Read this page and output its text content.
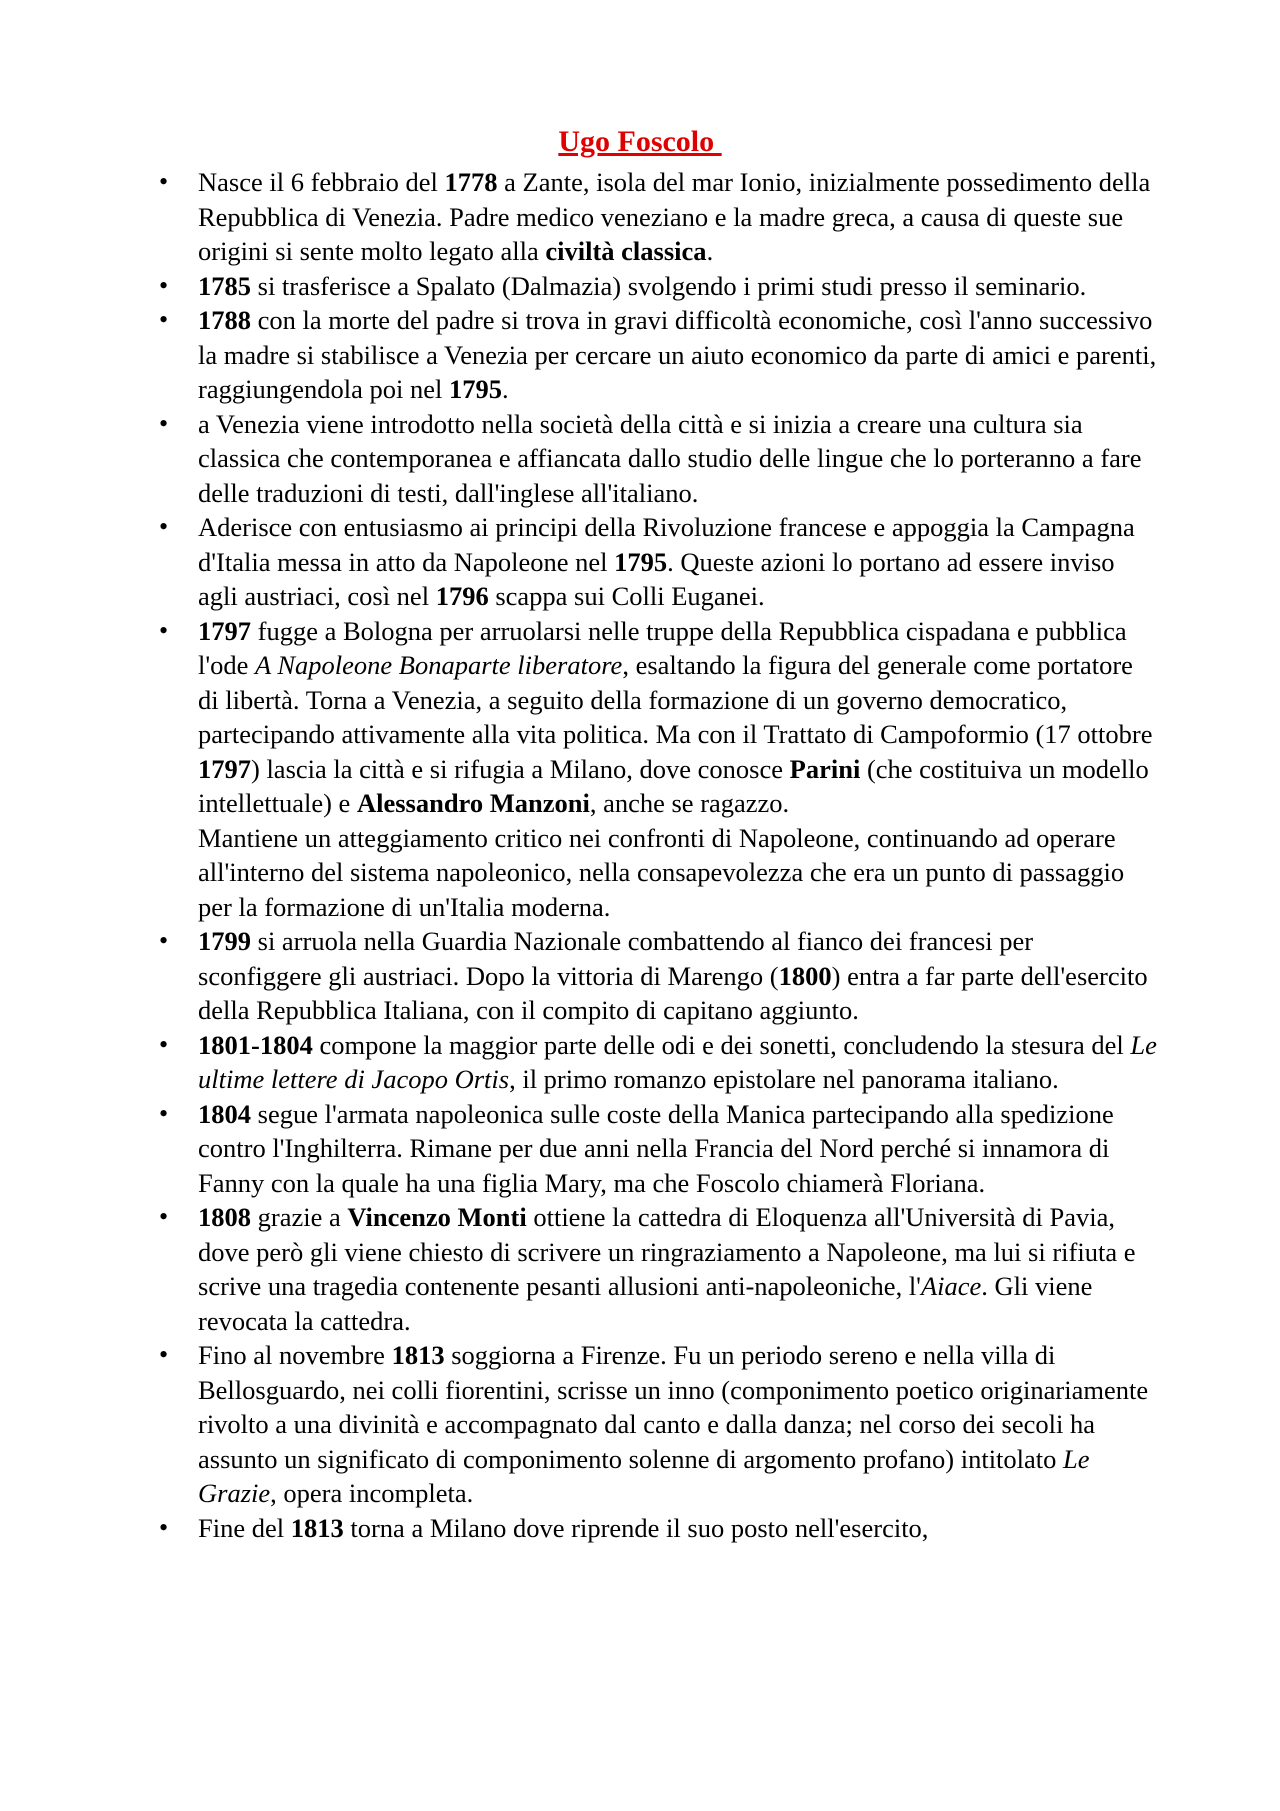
Ugo Foscolo
• Nasce il 6 febbraio del 1778 a Zante, isola del mar Ionio, inizialmente possedimento della Repubblica di Venezia. Padre medico veneziano e la madre greca, a causa di queste sue origini si sente molto legato alla civiltà classica.
• 1785 si trasferisce a Spalato (Dalmazia) svolgendo i primi studi presso il seminario.
• 1788 con la morte del padre si trova in gravi difficoltà economiche, così l'anno successivo la madre si stabilisce a Venezia per cercare un aiuto economico da parte di amici e parenti, raggiungendola poi nel 1795.
• a Venezia viene introdotto nella società della città e si inizia a creare una cultura sia classica che contemporanea e affiancata dallo studio delle lingue che lo porteranno a fare delle traduzioni di testi, dall'inglese all'italiano.
• Aderisce con entusiasmo ai principi della Rivoluzione francese e appoggia la Campagna d'Italia messa in atto da Napoleone nel 1795. Queste azioni lo portano ad essere inviso agli austriaci, così nel 1796 scappa sui Colli Euganei.
• 1797 fugge a Bologna per arruolarsi nelle truppe della Repubblica cispadana e pubblica l'ode A Napoleone Bonaparte liberatore, esaltando la figura del generale come portatore di libertà. Torna a Venezia, a seguito della formazione di un governo democratico, partecipando attivamente alla vita politica. Ma con il Trattato di Campoformio (17 ottobre 1797) lascia la città e si rifugia a Milano, dove conosce Parini (che costituiva un modello intellettuale) e Alessandro Manzoni, anche se ragazzo.
Mantiene un atteggiamento critico nei confronti di Napoleone, continuando ad operare all'interno del sistema napoleonico, nella consapevolezza che era un punto di passaggio per la formazione di un'Italia moderna.
• 1799 si arruola nella Guardia Nazionale combattendo al fianco dei francesi per sconfiggere gli austriaci. Dopo la vittoria di Marengo (1800) entra a far parte dell'esercito della Repubblica Italiana, con il compito di capitano aggiunto.
• 1801-1804 compone la maggior parte delle odi e dei sonetti, concludendo la stesura del Le ultime lettere di Jacopo Ortis, il primo romanzo epistolare nel panorama italiano.
• 1804 segue l'armata napoleonica sulle coste della Manica partecipando alla spedizione contro l'Inghilterra. Rimane per due anni nella Francia del Nord perché si innamora di Fanny con la quale ha una figlia Mary, ma che Foscolo chiamerà Floriana.
• 1808 grazie a Vincenzo Monti ottiene la cattedra di Eloquenza all'Università di Pavia, dove però gli viene chiesto di scrivere un ringraziamento a Napoleone, ma lui si rifiuta e scrive una tragedia contenente pesanti allusioni anti-napoleoniche, l'Aiace. Gli viene revocata la cattedra.
• Fino al novembre 1813 soggiorna a Firenze. Fu un periodo sereno e nella villa di Bellosguardo, nei colli fiorentini, scrisse un inno (componimento poetico originariamente rivolto a una divinità e accompagnato dal canto e dalla danza; nel corso dei secoli ha assunto un significato di componimento solenne di argomento profano) intitolato Le Grazie, opera incompleta.
• Fine del 1813 torna a Milano dove riprende il suo posto nell'esercito,
